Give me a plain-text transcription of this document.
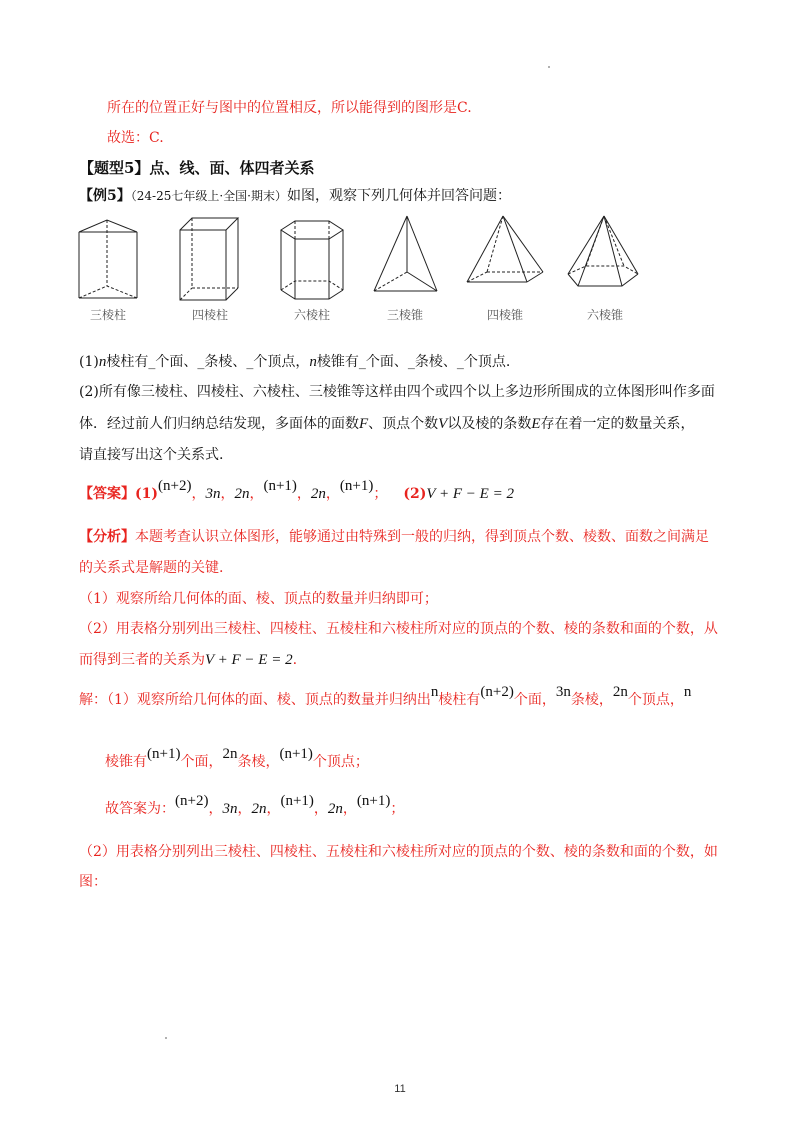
所在的位置正好与图中的位置相反，所以能得到的图形是C.
故选：C.
【题型5】点、线、面、体四者关系
【例5】（24-25七年级上·全国·期末）如图，观察下列几何体并回答问题：
三棱柱	四棱柱	六棱柱	三棱锥	四棱锥	六棱锥
(1)n棱柱有_个面、_条棱、_个顶点，n棱锥有_个面、_条棱、_个顶点.
(2)所有像三棱柱、四棱柱、六棱柱、三棱锥等这样由四个或四个以上多边形所围成的立体图形叫作多面
体．经过前人们归纳总结发现，多面体的面数F、顶点个数V以及棱的条数E存在着一定的数量关系，
请直接写出这个关系式.
【答案】(1)(n+2)，3n，2n，(n+1)，2n，(n+1)； (2)V + F − E = 2
【分析】本题考查认识立体图形，能够通过由特殊到一般的归纳，得到顶点个数、棱数、面数之间满足
的关系式是解题的关键.
（1）观察所给几何体的面、棱、顶点的数量并归纳即可；
（2）用表格分别列出三棱柱、四棱柱、五棱柱和六棱柱所对应的顶点的个数、棱的条数和面的个数，从
而得到三者的关系为V + F − E = 2.
解：（1）观察所给几何体的面、棱、顶点的数量并归纳出n棱柱有(n+2)个面，3n条棱，2n个顶点，n
棱锥有(n+1)个面，2n条棱，(n+1)个顶点；
故答案为：(n+2)，3n，2n，(n+1)，2n，(n+1)；
（2）用表格分别列出三棱柱、四棱柱、五棱柱和六棱柱所对应的顶点的个数、棱的条数和面的个数，如
图：
11
